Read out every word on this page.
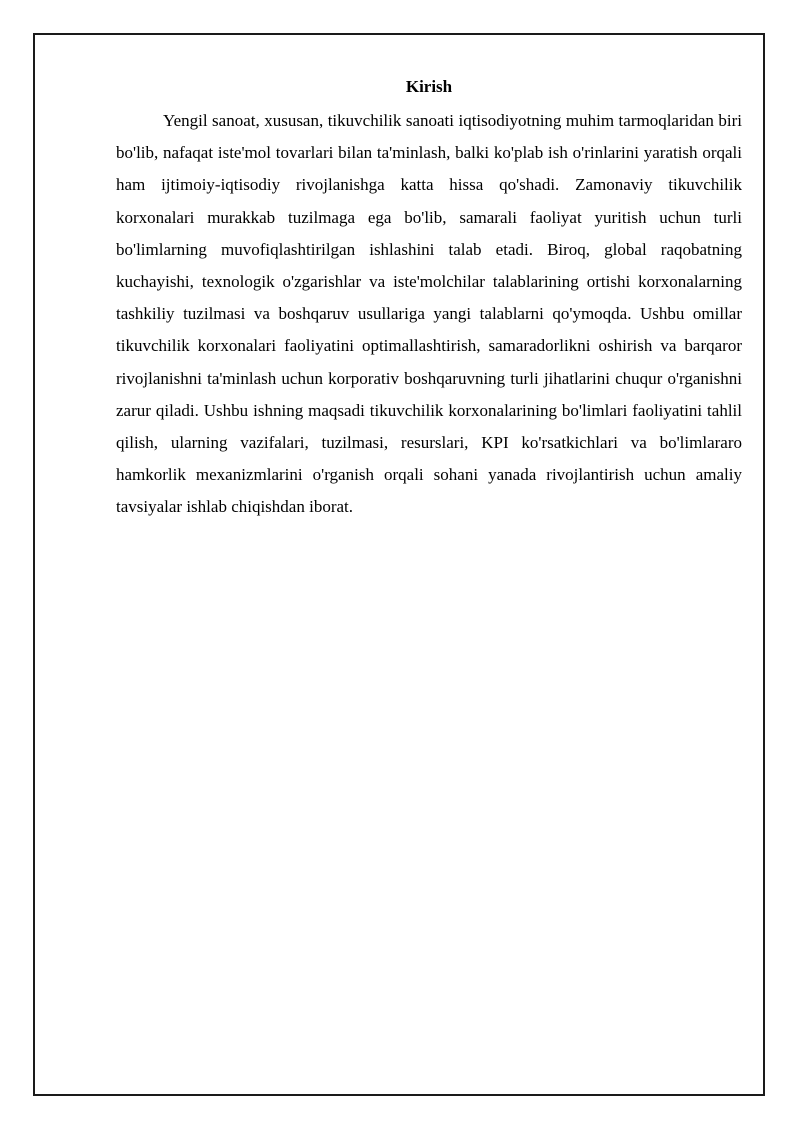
Kirish

Yengil sanoat, xususan, tikuvchilik sanoati iqtisodiyotning muhim tarmoqlaridan biri bo'lib, nafaqat iste'mol tovarlari bilan ta'minlash, balki ko'plab ish o'rinlarini yaratish orqali ham ijtimoiy-iqtisodiy rivojlanishga katta hissa qo'shadi. Zamonaviy tikuvchilik korxonalari murakkab tuzilmaga ega bo'lib, samarali faoliyat yuritish uchun turli bo'limlarning muvofiqlashtirilgan ishlashini talab etadi. Biroq, global raqobatning kuchayishi, texnologik o'zgarishlar va iste'molchilar talablarining ortishi korxonalarning tashkiliy tuzilmasi va boshqaruv usullariga yangi talablarni qo'ymoqda. Ushbu omillar tikuvchilik korxonalari faoliyatini optimallashtirish, samaradorlikni oshirish va barqaror rivojlanishni ta'minlash uchun korporativ boshqaruvning turli jihatlarini chuqur o'rganishni zarur qiladi. Ushbu ishning maqsadi tikuvchilik korxonalarining bo'limlari faoliyatini tahlil qilish, ularning vazifalari, tuzilmasi, resurslari, KPI ko'rsatkichlari va bo'limlararo hamkorlik mexanizmlarini o'rganish orqali sohani yanada rivojlantirish uchun amaliy tavsiyalar ishlab chiqishdan iborat.
